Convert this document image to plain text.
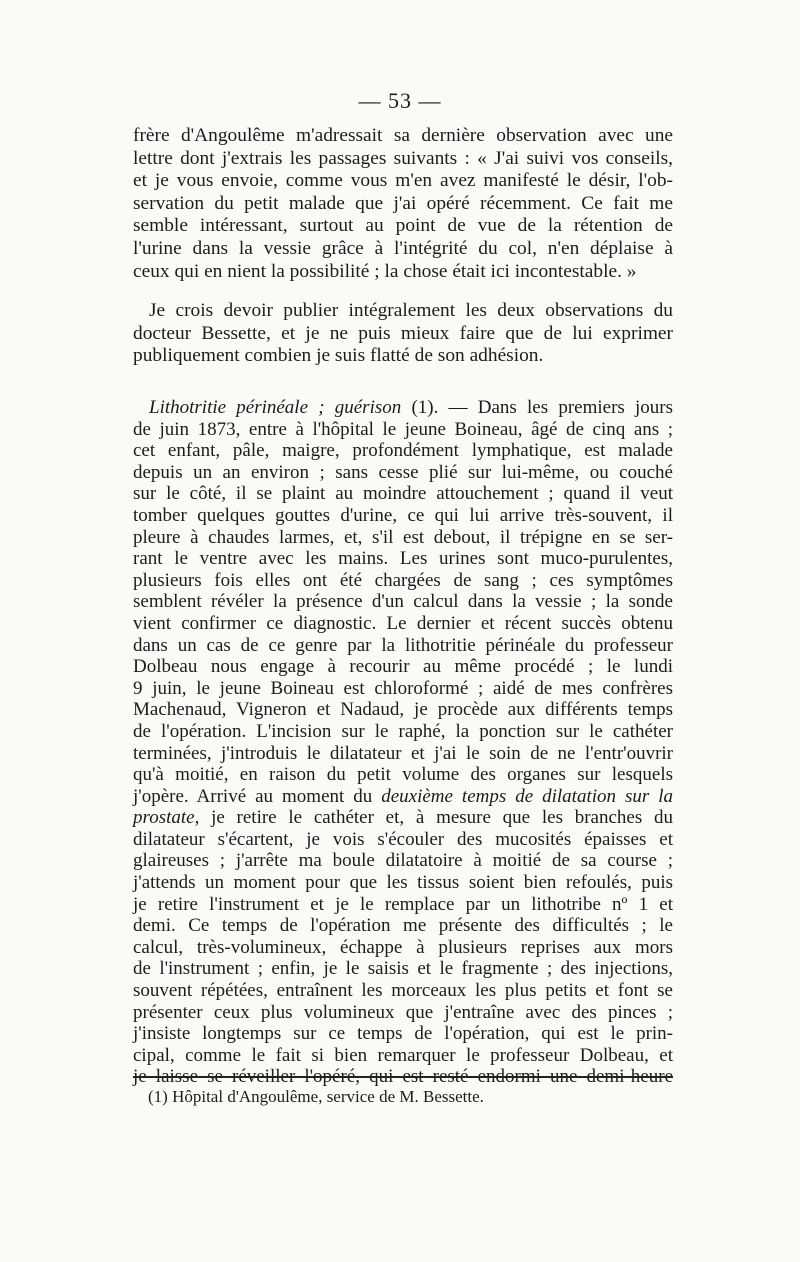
— 53 —
frère d'Angoulême m'adressait sa dernière observation avec une
lettre dont j'extrais les passages suivants : « J'ai suivi vos conseils,
et je vous envoie, comme vous m'en avez manifesté le désir, l'ob-
servation du petit malade que j'ai opéré récemment. Ce fait me
semble intéressant, surtout au point de vue de la rétention de
l'urine dans la vessie grâce à l'intégrité du col, n'en déplaise à
ceux qui en nient la possibilité ; la chose était ici incontestable. »
Je crois devoir publier intégralement les deux observations du
docteur Bessette, et je ne puis mieux faire que de lui exprimer
publiquement combien je suis flatté de son adhésion.
Lithotritie périnéale ; guérison (1). — Dans les premiers jours
de juin 1873, entre à l'hôpital le jeune Boineau, âgé de cinq ans ;
cet enfant, pâle, maigre, profondément lymphatique, est malade
depuis un an environ ; sans cesse plié sur lui-même, ou couché
sur le côté, il se plaint au moindre attouchement ; quand il veut
tomber quelques gouttes d'urine, ce qui lui arrive très-souvent, il
pleure à chaudes larmes, et, s'il est debout, il trépigne en se ser-
rant le ventre avec les mains. Les urines sont muco-purulentes,
plusieurs fois elles ont été chargées de sang ; ces symptômes
semblent révéler la présence d'un calcul dans la vessie ; la sonde
vient confirmer ce diagnostic. Le dernier et récent succès obtenu
dans un cas de ce genre par la lithotritie périnéale du professeur
Dolbeau nous engage à recourir au même procédé ; le lundi
9 juin, le jeune Boineau est chloroformé ; aidé de mes confrères
Machenaud, Vigneron et Nadaud, je procède aux différents temps
de l'opération. L'incision sur le raphé, la ponction sur le cathéter
terminées, j'introduis le dilatateur et j'ai le soin de ne l'entr'ouvrir
qu'à moitié, en raison du petit volume des organes sur lesquels
j'opère. Arrivé au moment du deuxième temps de dilatation sur la
prostate, je retire le cathéter et, à mesure que les branches du
dilatateur s'écartent, je vois s'écouler des mucosités épaisses et
glaireuses ; j'arrête ma boule dilatatoire à moitié de sa course ;
j'attends un moment pour que les tissus soient bien refoulés, puis
je retire l'instrument et je le remplace par un lithotribe nº 1 et
demi. Ce temps de l'opération me présente des difficultés ; le
calcul, très-volumineux, échappe à plusieurs reprises aux mors
de l'instrument ; enfin, je le saisis et le fragmente ; des injections,
souvent répétées, entraînent les morceaux les plus petits et font se
présenter ceux plus volumineux que j'entraîne avec des pinces ;
j'insiste longtemps sur ce temps de l'opération, qui est le prin-
cipal, comme le fait si bien remarquer le professeur Dolbeau, et
je laisse se réveiller l'opéré, qui est resté endormi une demi-heure
(1) Hôpital d'Angoulême, service de M. Bessette.
